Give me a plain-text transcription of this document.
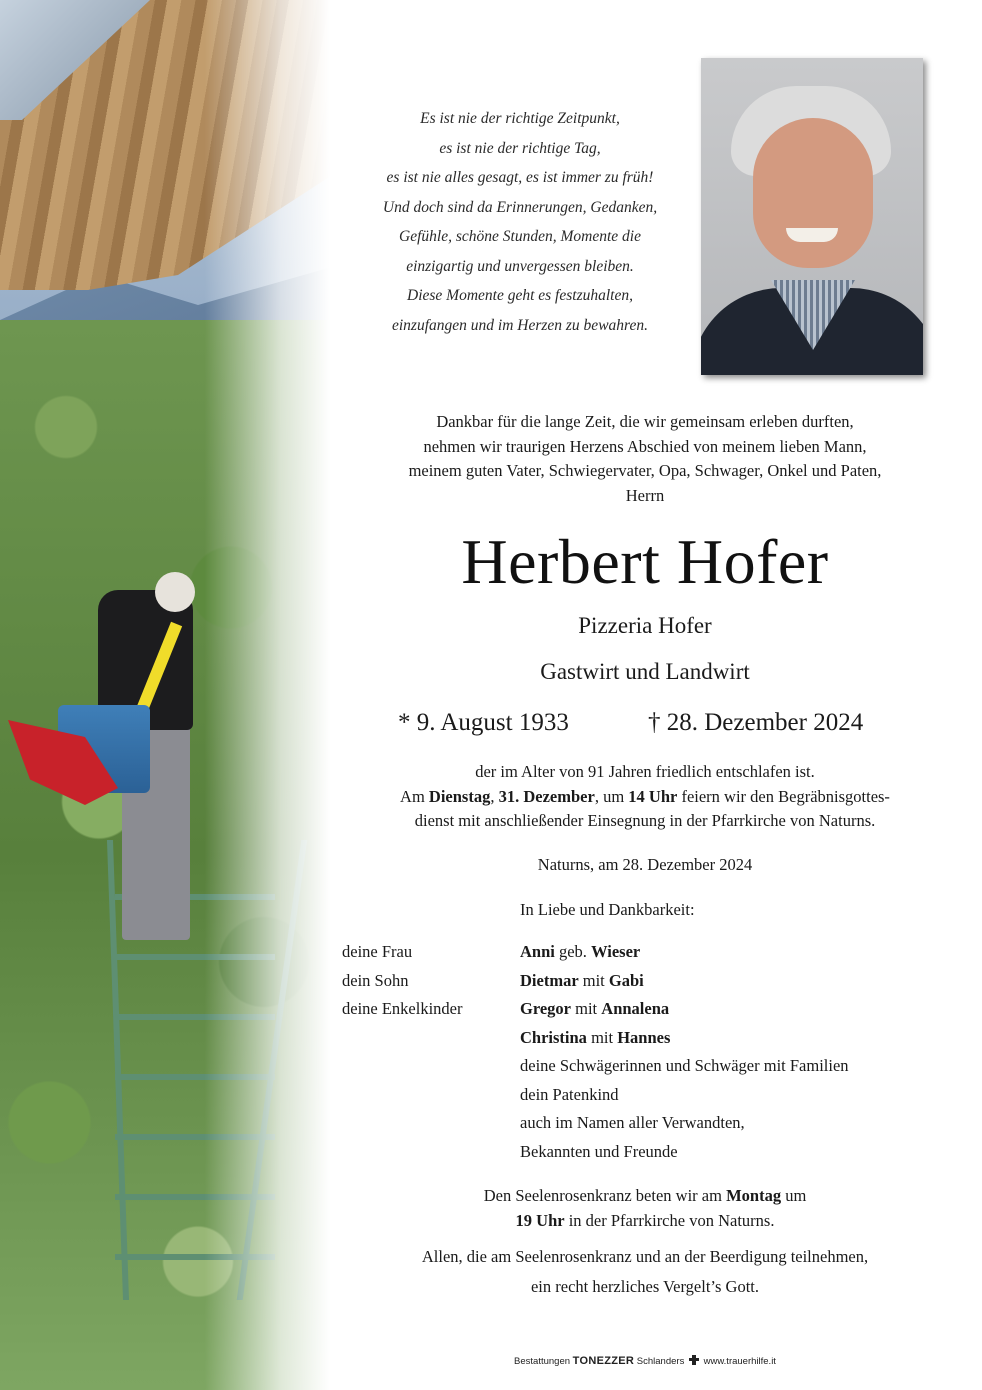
Es ist nie der richtige Zeitpunkt,
es ist nie der richtige Tag,
es ist nie alles gesagt, es ist immer zu früh!
Und doch sind da Erinnerungen, Gedanken,
Gefühle, schöne Stunden, Momente die
einzigartig und unvergessen bleiben.
Diese Momente geht es festzuhalten,
einzufangen und im Herzen zu bewahren.
Dankbar für die lange Zeit, die wir gemeinsam erleben durften,
nehmen wir traurigen Herzens Abschied von meinem lieben Mann,
meinem guten Vater, Schwiegervater, Opa, Schwager, Onkel und Paten,
Herrn
Herbert Hofer
Pizzeria Hofer
Gastwirt und Landwirt
* 9. August 1933	† 28. Dezember 2024
der im Alter von 91 Jahren friedlich entschlafen ist.
Am Dienstag, 31. Dezember, um 14 Uhr feiern wir den Begräbnisgottes-
dienst mit anschließender Einsegnung in der Pfarrkirche von Naturns.
Naturns, am 28. Dezember 2024
In Liebe und Dankbarkeit:
deine Frau	Anni geb. Wieser
dein Sohn	Dietmar mit Gabi
deine Enkelkinder	Gregor mit Annalena
Christina mit Hannes
deine Schwägerinnen und Schwäger mit Familien
dein Patenkind
auch im Namen aller Verwandten,
Bekannten und Freunde
Den Seelenrosenkranz beten wir am Montag um
19 Uhr in der Pfarrkirche von Naturns.
Allen, die am Seelenrosenkranz und an der Beerdigung teilnehmen,
ein recht herzliches Vergelt’s Gott.
Bestattungen TONEZZER Schlanders www.trauerhilfe.it
